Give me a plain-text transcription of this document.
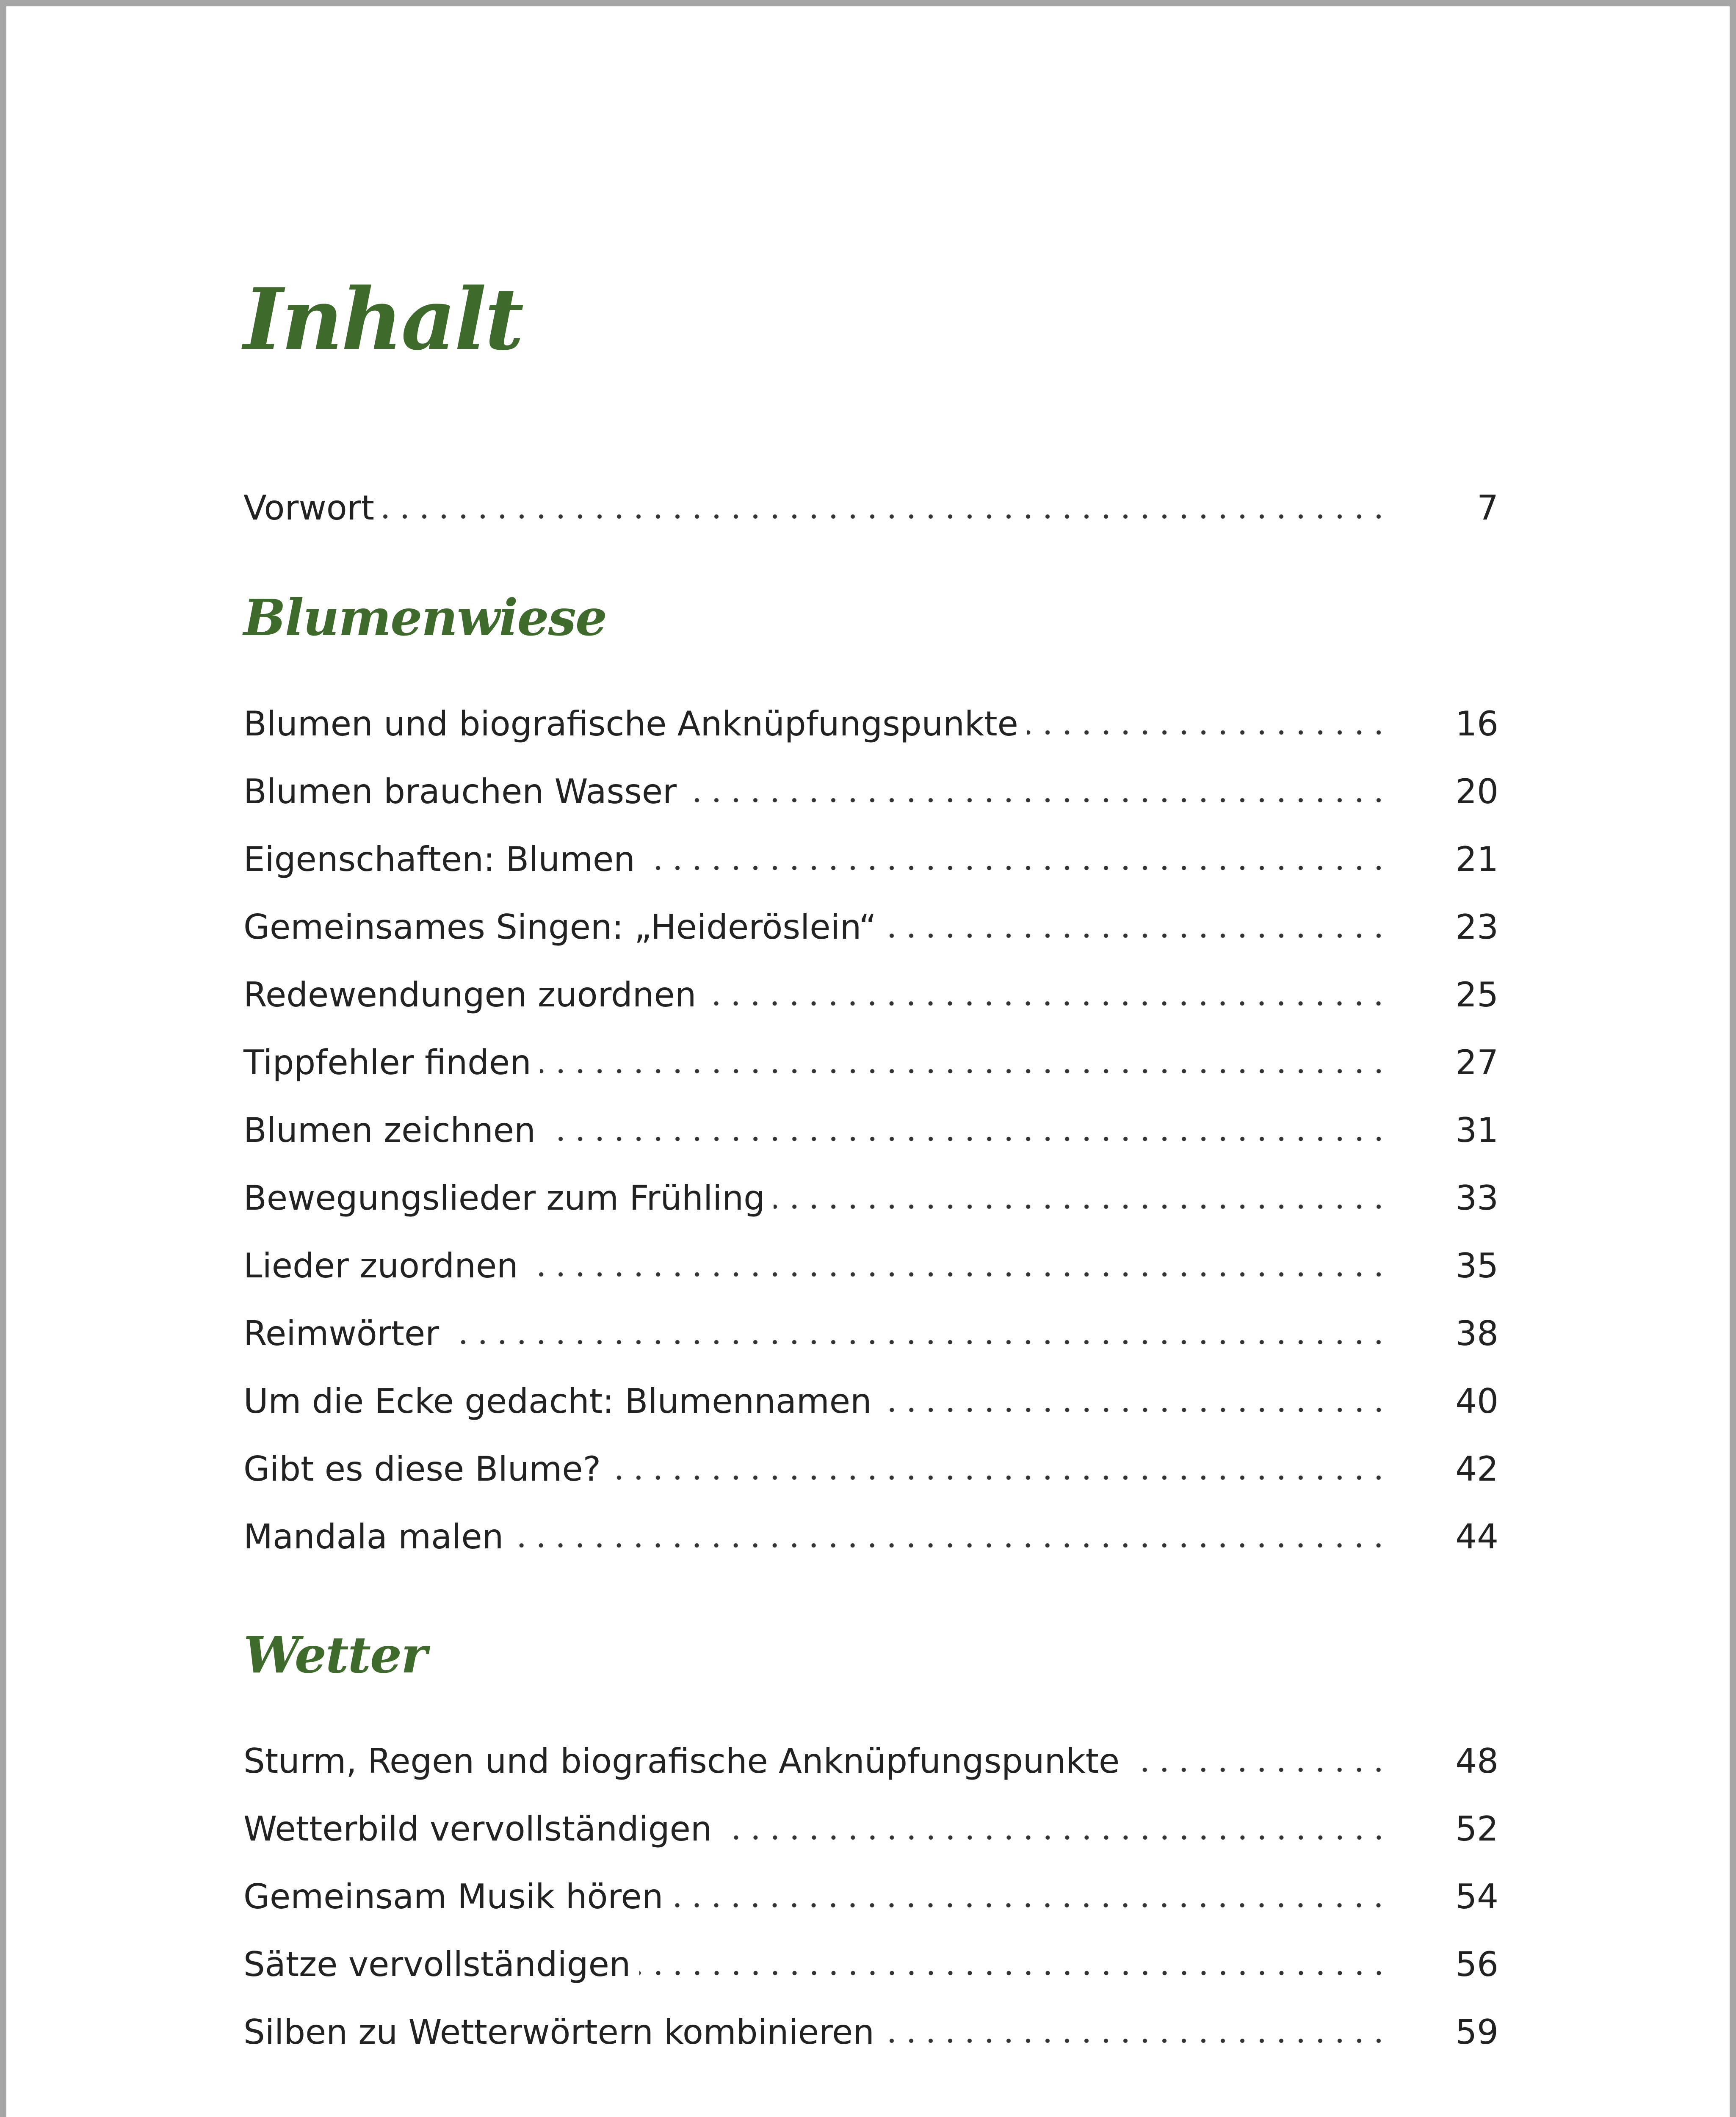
Inhalt
Vorwort	7
Blumenwiese
Blumen und biografische Anknüpfungspunkte	16
Blumen brauchen Wasser	20
Eigenschaften: Blumen	21
Gemeinsames Singen: „Heideröslein“	23
Redewendungen zuordnen	25
Tippfehler finden	27
Blumen zeichnen	31
Bewegungslieder zum Frühling	33
Lieder zuordnen	35
Reimwörter	38
Um die Ecke gedacht: Blumennamen	40
Gibt es diese Blume?	42
Mandala malen	44
Wetter
Sturm, Regen und biografische Anknüpfungspunkte	48
Wetterbild vervollständigen	52
Gemeinsam Musik hören	54
Sätze vervollständigen	56
Silben zu Wetterwörtern kombinieren	59
